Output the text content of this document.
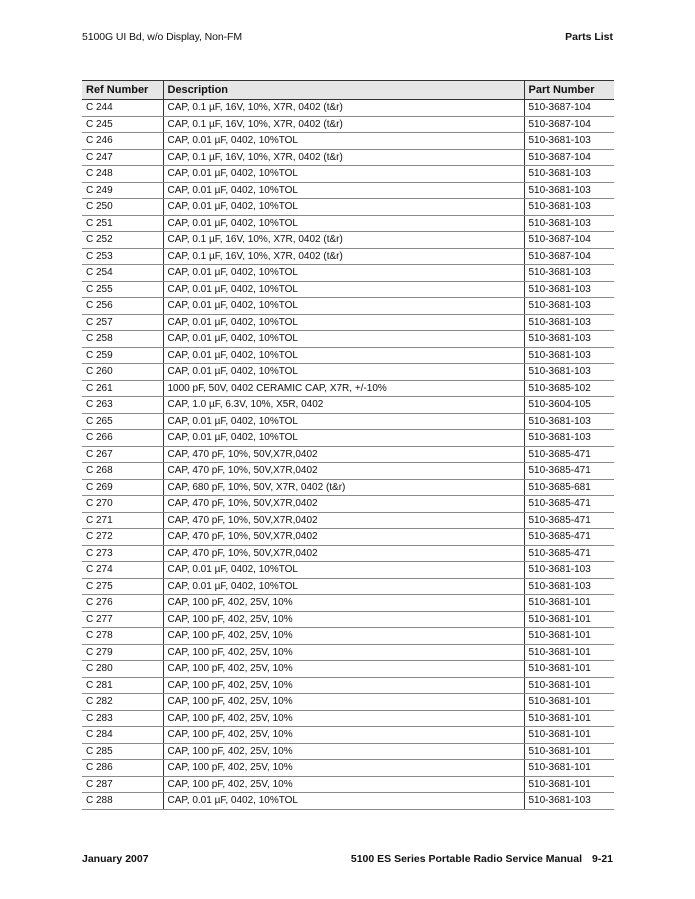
5100G UI Bd, w/o Display, Non-FM	Parts List
Ref Number	Description	Part Number
C 244	CAP, 0.1 µF, 16V, 10%, X7R, 0402 (t&r)	510-3687-104
C 245	CAP, 0.1 µF, 16V, 10%, X7R, 0402 (t&r)	510-3687-104
C 246	CAP, 0.01 µF, 0402, 10%TOL	510-3681-103
C 247	CAP, 0.1 µF, 16V, 10%, X7R, 0402 (t&r)	510-3687-104
C 248	CAP, 0.01 µF, 0402, 10%TOL	510-3681-103
C 249	CAP, 0.01 µF, 0402, 10%TOL	510-3681-103
C 250	CAP, 0.01 µF, 0402, 10%TOL	510-3681-103
C 251	CAP, 0.01 µF, 0402, 10%TOL	510-3681-103
C 252	CAP, 0.1 µF, 16V, 10%, X7R, 0402 (t&r)	510-3687-104
C 253	CAP, 0.1 µF, 16V, 10%, X7R, 0402 (t&r)	510-3687-104
C 254	CAP, 0.01 µF, 0402, 10%TOL	510-3681-103
C 255	CAP, 0.01 µF, 0402, 10%TOL	510-3681-103
C 256	CAP, 0.01 µF, 0402, 10%TOL	510-3681-103
C 257	CAP, 0.01 µF, 0402, 10%TOL	510-3681-103
C 258	CAP, 0.01 µF, 0402, 10%TOL	510-3681-103
C 259	CAP, 0.01 µF, 0402, 10%TOL	510-3681-103
C 260	CAP, 0.01 µF, 0402, 10%TOL	510-3681-103
C 261	1000 pF, 50V, 0402 CERAMIC CAP, X7R, +/-10%	510-3685-102
C 263	CAP, 1.0 µF, 6.3V, 10%, X5R, 0402	510-3604-105
C 265	CAP, 0.01 µF, 0402, 10%TOL	510-3681-103
C 266	CAP, 0.01 µF, 0402, 10%TOL	510-3681-103
C 267	CAP, 470 pF, 10%, 50V,X7R,0402	510-3685-471
C 268	CAP, 470 pF, 10%, 50V,X7R,0402	510-3685-471
C 269	CAP, 680 pF, 10%, 50V, X7R, 0402 (t&r)	510-3685-681
C 270	CAP, 470 pF, 10%, 50V,X7R,0402	510-3685-471
C 271	CAP, 470 pF, 10%, 50V,X7R,0402	510-3685-471
C 272	CAP, 470 pF, 10%, 50V,X7R,0402	510-3685-471
C 273	CAP, 470 pF, 10%, 50V,X7R,0402	510-3685-471
C 274	CAP, 0.01 µF, 0402, 10%TOL	510-3681-103
C 275	CAP, 0.01 µF, 0402, 10%TOL	510-3681-103
C 276	CAP, 100 pF, 402, 25V, 10%	510-3681-101
C 277	CAP, 100 pF, 402, 25V, 10%	510-3681-101
C 278	CAP, 100 pF, 402, 25V, 10%	510-3681-101
C 279	CAP, 100 pF, 402, 25V, 10%	510-3681-101
C 280	CAP, 100 pF, 402, 25V, 10%	510-3681-101
C 281	CAP, 100 pF, 402, 25V, 10%	510-3681-101
C 282	CAP, 100 pF, 402, 25V, 10%	510-3681-101
C 283	CAP, 100 pF, 402, 25V, 10%	510-3681-101
C 284	CAP, 100 pF, 402, 25V, 10%	510-3681-101
C 285	CAP, 100 pF, 402, 25V, 10%	510-3681-101
C 286	CAP, 100 pF, 402, 25V, 10%	510-3681-101
C 287	CAP, 100 pF, 402, 25V, 10%	510-3681-101
C 288	CAP, 0.01 µF, 0402, 10%TOL	510-3681-103
January 2007	5100 ES Series Portable Radio Service Manual 9-21
